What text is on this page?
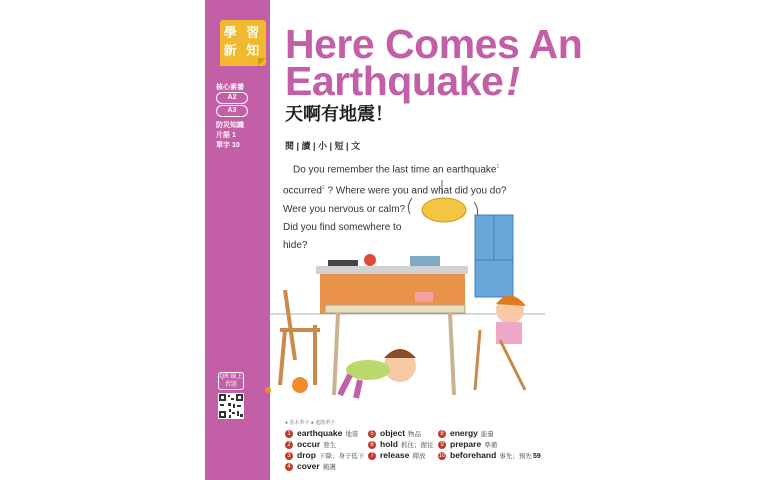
學 習
新 知
核心素養
A2
A3
防災知識
片語 1
單字 10
QR 線上習題
Here Comes An
Earthquake!
天啊有地震！
閱 | 讀 | 小 | 短 | 文
Do you remember the last time an earthquake$^1$
occurred$^2$ ? Where were you and what did you do?
Were you nervous or calm?
Did you find somewhere to
hide?
● 基本單字 ● 進階單字
1 earthquake 地震
2 occur 發生
3 drop 下降；身子低下
4 cover 掩護
5 object 物品
6 hold 抓住；握住
7 release 釋放
8 energy 能量
9 prepare 準備
10 beforehand 事先；預先 59
